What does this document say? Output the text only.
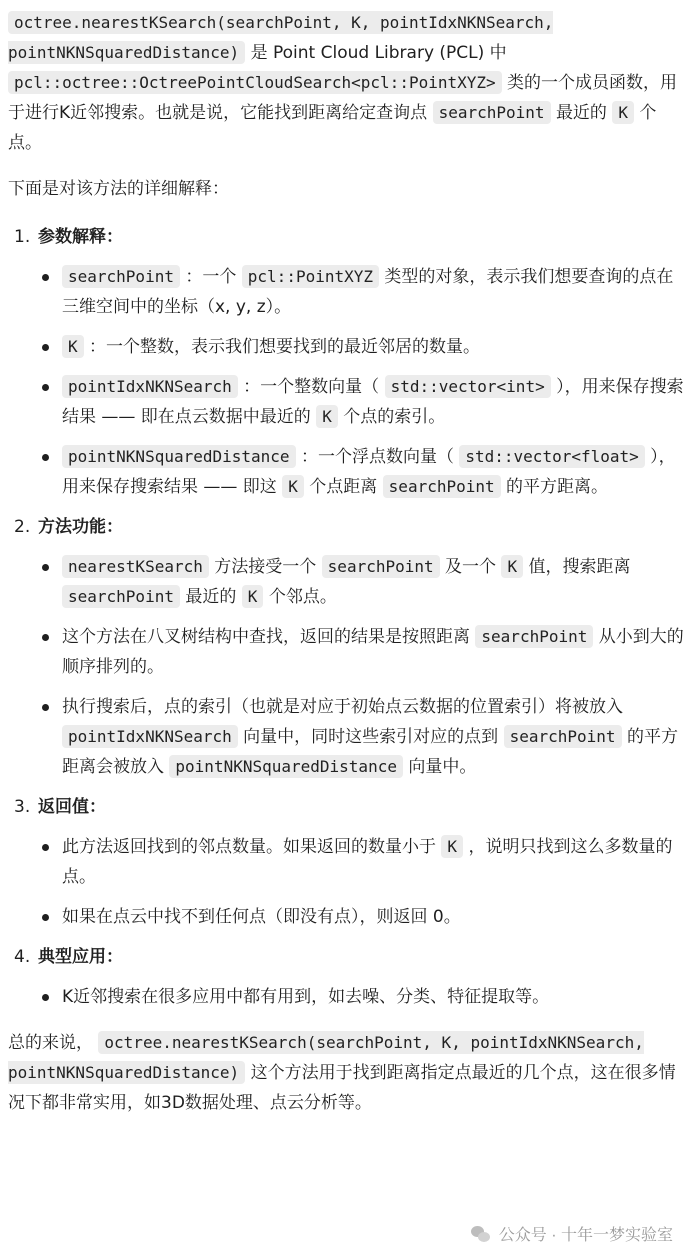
octree.nearestKSearch(searchPoint, K, pointIdxNKNSearch, pointNKNSquaredDistance) 是 Point Cloud Library (PCL) 中 pcl::octree::OctreePointCloudSearch<pcl::PointXYZ> 类的一个成员函数，用于进行K近邻搜索。也就是说，它能找到距离给定查询点 searchPoint 最近的 K 个点。

下面是对该方法的详细解释：

1. 参数解释：
searchPoint ：一个 pcl::PointXYZ 类型的对象，表示我们想要查询的点在三维空间中的坐标（x, y, z）。
K ：一个整数，表示我们想要找到的最近邻居的数量。
pointIdxNKNSearch ：一个整数向量（ std::vector<int> ），用来保存搜索结果 —— 即在点云数据中最近的 K 个点的索引。
pointNKNSquaredDistance ：一个浮点数向量（ std::vector<float> ），用来保存搜索结果 —— 即这 K 个点距离 searchPoint 的平方距离。
2. 方法功能：
nearestKSearch 方法接受一个 searchPoint 及一个 K 值，搜索距离 searchPoint 最近的 K 个邻点。
这个方法在八叉树结构中查找，返回的结果是按照距离 searchPoint 从小到大的顺序排列的。
执行搜索后，点的索引（也就是对应于初始点云数据的位置索引）将被放入 pointIdxNKNSearch 向量中，同时这些索引对应的点到 searchPoint 的平方距离会被放入 pointNKNSquaredDistance 向量中。
3. 返回值：
此方法返回找到的邻点数量。如果返回的数量小于 K ，说明只找到这么多数量的点。
如果在点云中找不到任何点（即没有点），则返回 0。
4. 典型应用：
K近邻搜索在很多应用中都有用到，如去噪、分类、特征提取等。

总的来说， octree.nearestKSearch(searchPoint, K, pointIdxNKNSearch, pointNKNSquaredDistance) 这个方法用于找到距离指定点最近的几个点，这在很多情况下都非常实用，如3D数据处理、点云分析等。

公众号 · 十年一梦实验室
